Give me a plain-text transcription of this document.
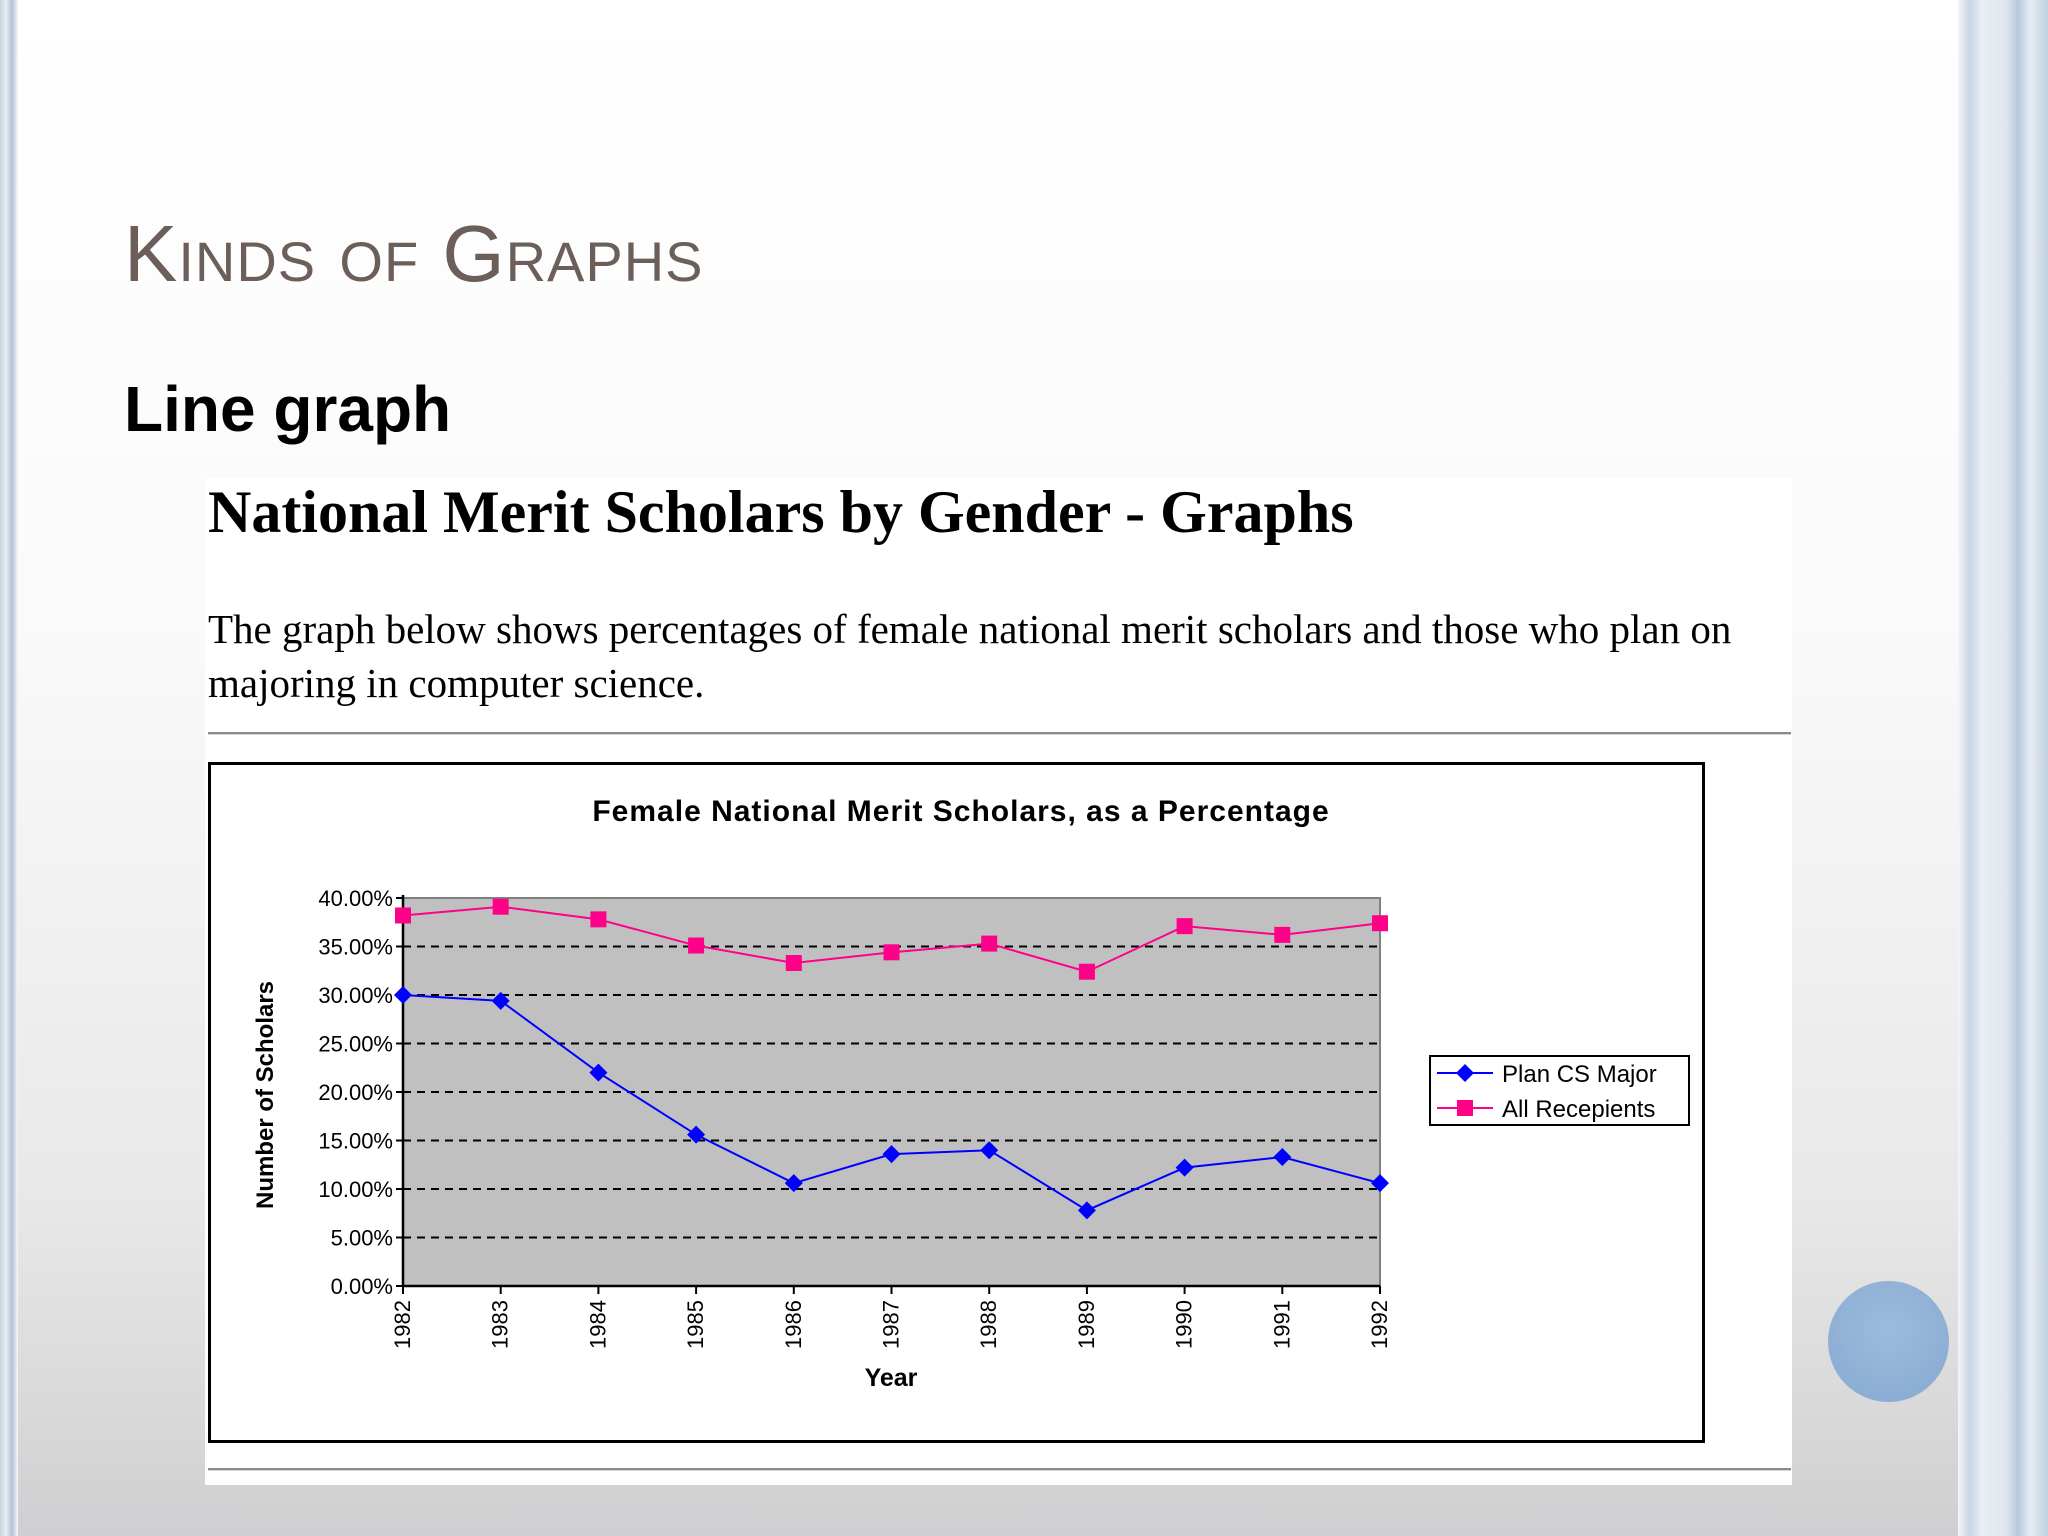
Kinds of Graphs
Line graph
National Merit Scholars by Gender - Graphs

The graph below shows percentages of female national merit scholars and those who plan on majoring in computer science.

Female National Merit Scholars, as a Percentage
0.00%
5.00%
10.00%
15.00%
20.00%
25.00%
30.00%
35.00%
40.00%
1982	1983	1984	1985	1986	1987	1988	1989	1990	1991	1992
Number of Scholars
Year
Plan CS Major
All Recepients
